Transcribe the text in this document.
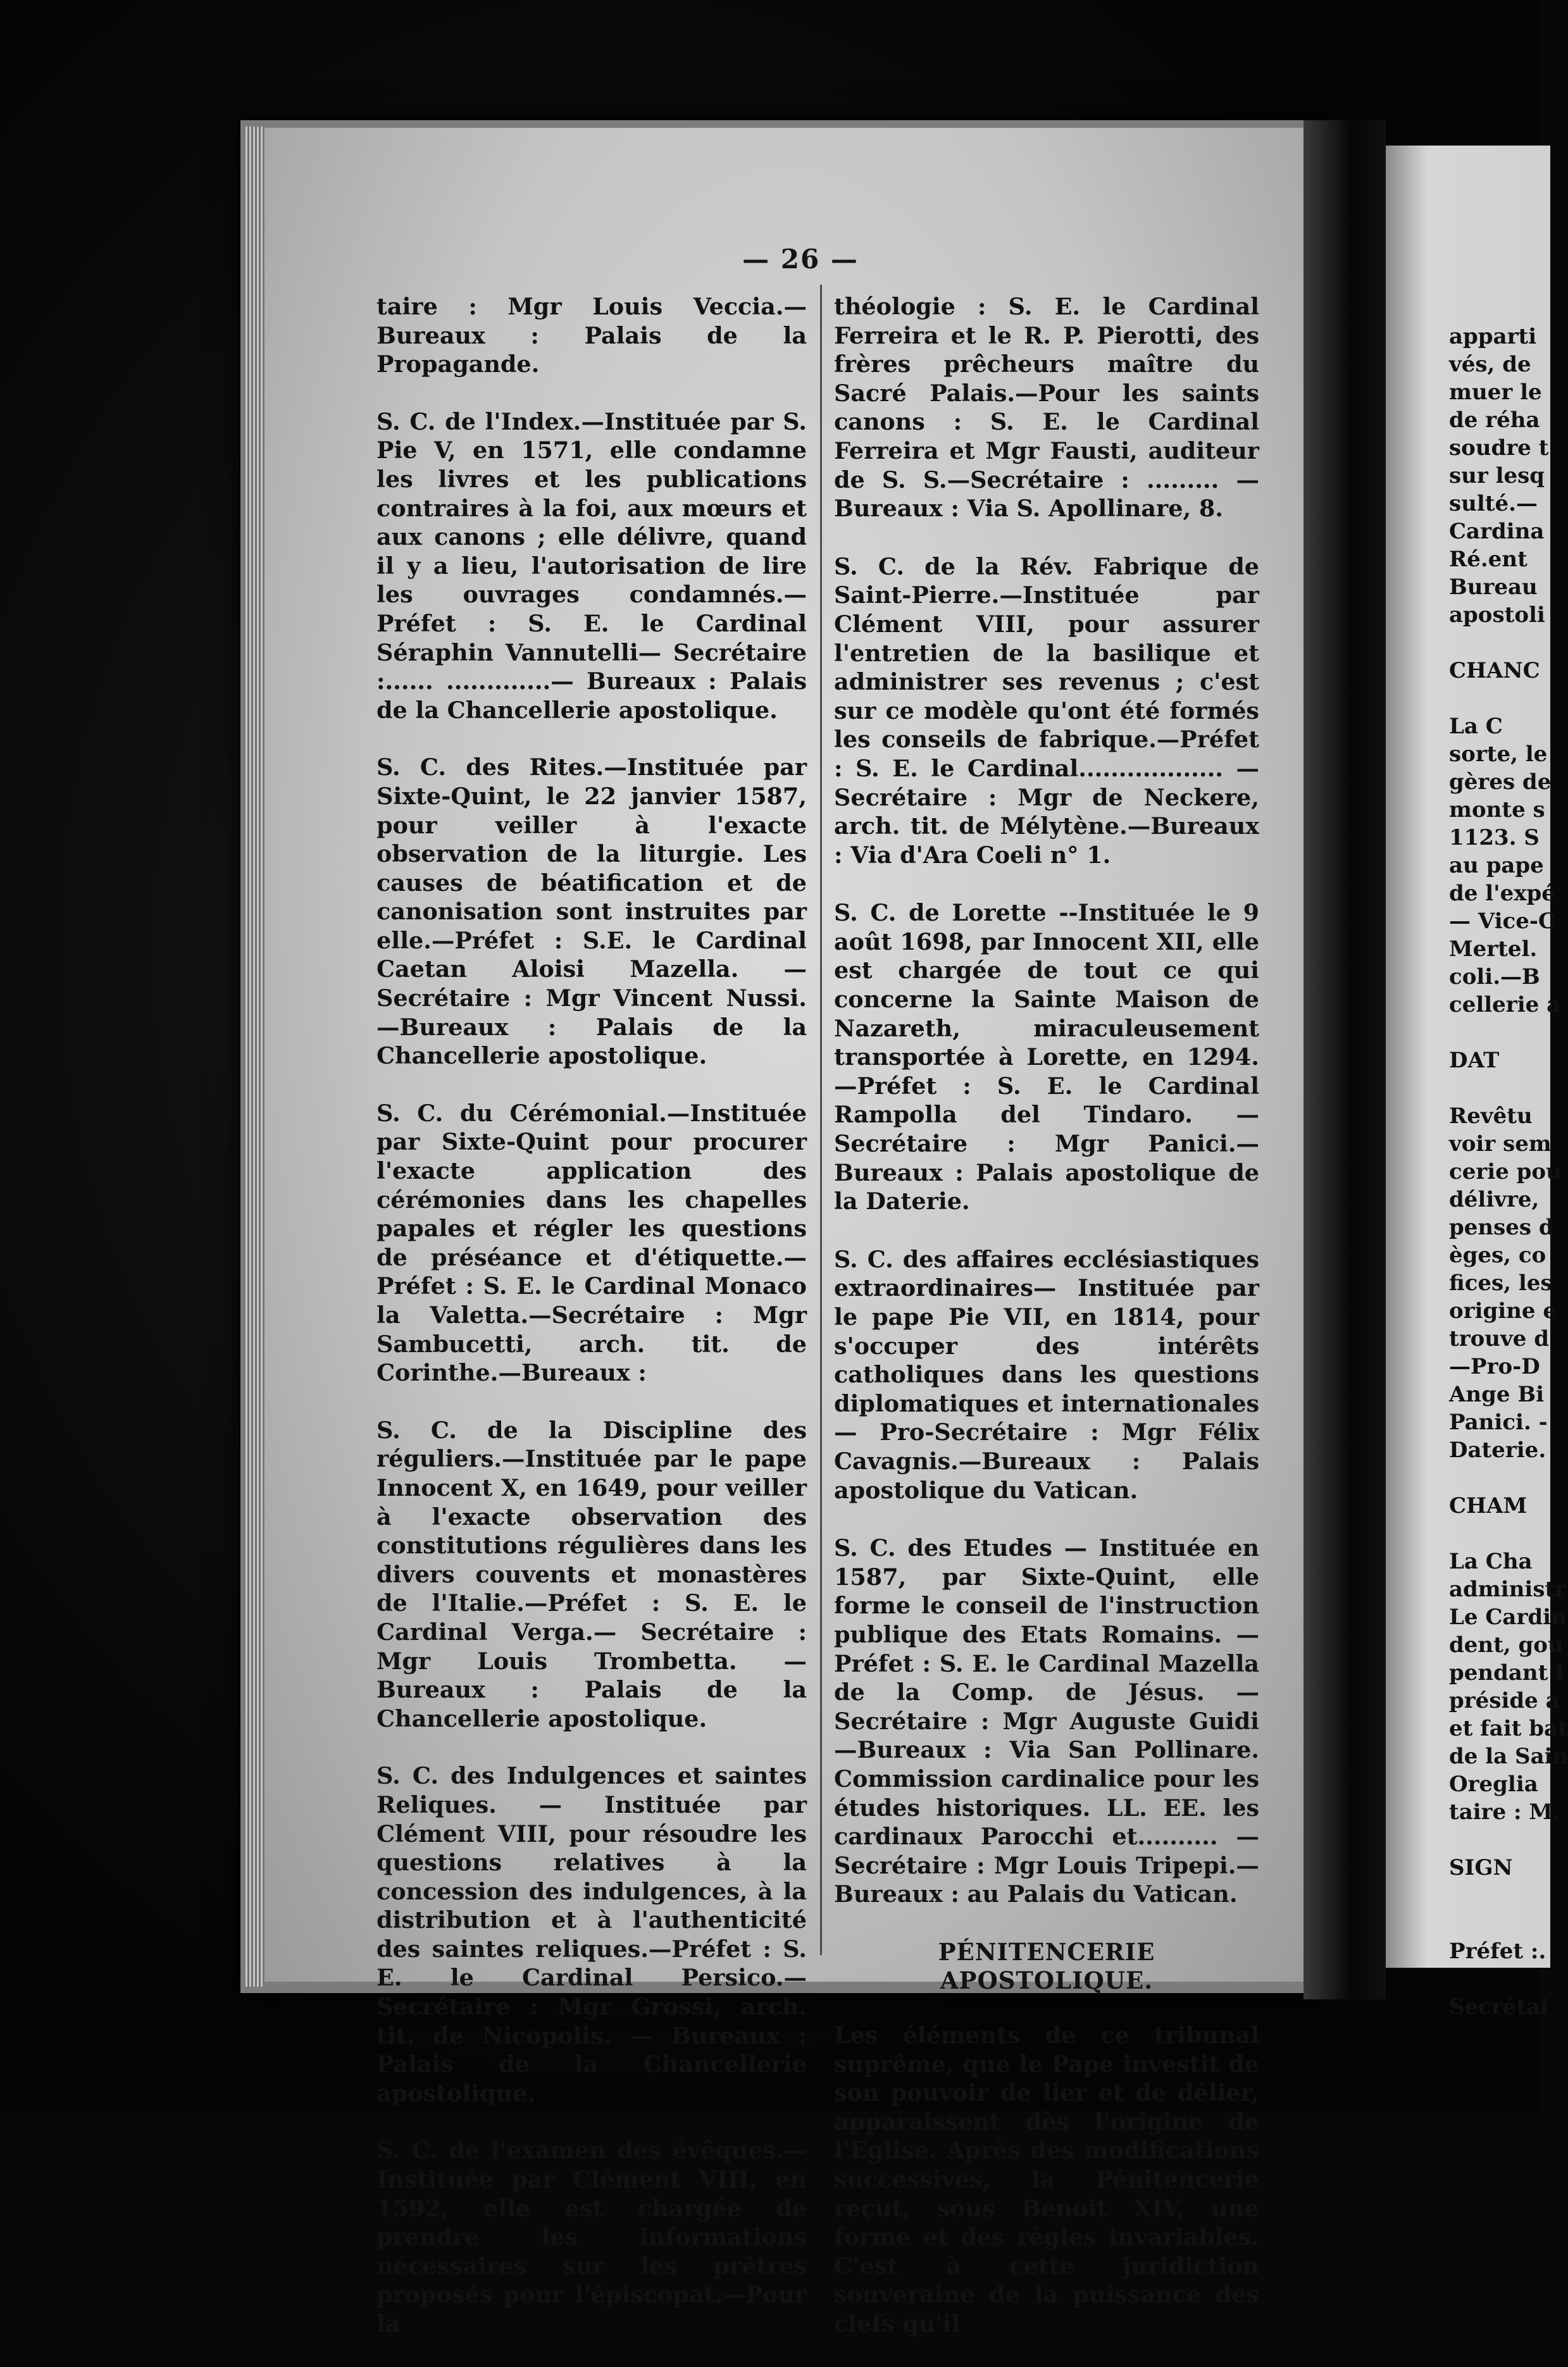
— 26 —

taire : Mgr Louis Veccia.— Bureaux : Palais de la Propagande.

S. C. de l'Index.—Instituée par S. Pie V, en 1571, elle condamne les livres et les publications contraires à la foi, aux mœurs et aux canons ; elle délivre, quand il y a lieu, l'autorisation de lire les ouvrages condamnés.— Préfet : S. E. le Cardinal Séraphin Vannutelli— Secrétaire :...... .............— Bureaux : Palais de la Chancellerie apostolique.

S. C. des Rites.—Instituée par Sixte-Quint, le 22 janvier 1587, pour veiller à l'exacte observation de la liturgie. Les causes de béatification et de canonisation sont instruites par elle.—Préfet : S.E. le Cardinal Caetan Aloisi Mazella. — Secrétaire : Mgr Vincent Nussi.—Bureaux : Palais de la Chancellerie apostolique.

S. C. du Cérémonial.—Instituée par Sixte-Quint pour procurer l'exacte application des cérémonies dans les chapelles papales et régler les questions de préséance et d'étiquette.—Préfet : S. E. le Cardinal Monaco la Valetta.—Secrétaire : Mgr Sambucetti, arch. tit. de Corinthe.—Bureaux :

S. C. de la Discipline des réguliers.—Instituée par le pape Innocent X, en 1649, pour veiller à l'exacte observation des constitutions régulières dans les divers couvents et monastères de l'Italie.—Préfet : S. E. le Cardinal Verga.— Secrétaire : Mgr Louis Trombetta. — Bureaux : Palais de la Chancellerie apostolique.

S. C. des Indulgences et saintes Reliques. — Instituée par Clément VIII, pour résoudre les questions relatives à la concession des indulgences, à la distribution et à l'authenticité des saintes reliques.—Préfet : S. E. le Cardinal Persico.— Secrétaire : Mgr Grossi, arch. tit. de Nicopolis. — Bureaux : Palais de la Chancellerie apostolique.

S. C. de l'examen des évêques.— Instituée par Clément VIII, en 1592, elle est chargée de prendre les informations nécessaires sur les prêtres proposés pour l'épiscopat.—Pour la

théologie : S. E. le Cardinal Ferreira et le R. P. Pierotti, des frères prêcheurs maître du Sacré Palais.—Pour les saints canons : S. E. le Cardinal Ferreira et Mgr Fausti, auditeur de S. S.—Secrétaire : ......... — Bureaux : Via S. Apollinare, 8.

S. C. de la Rév. Fabrique de Saint-Pierre.—Instituée par Clément VIII, pour assurer l'entretien de la basilique et administrer ses revenus ; c'est sur ce modèle qu'ont été formés les conseils de fabrique.—Préfet : S. E. le Cardinal.................. — Secrétaire : Mgr de Neckere, arch. tit. de Mélytène.—Bureaux : Via d'Ara Coeli n° 1.

S. C. de Lorette --Instituée le 9 août 1698, par Innocent XII, elle est chargée de tout ce qui concerne la Sainte Maison de Nazareth, miraculeusement transportée à Lorette, en 1294.—Préfet : S. E. le Cardinal Rampolla del Tindaro. — Secrétaire : Mgr Panici.—Bureaux : Palais apostolique de la Daterie.

S. C. des affaires ecclésiastiques extraordinaires— Instituée par le pape Pie VII, en 1814, pour s'occuper des intérêts catholiques dans les questions diplomatiques et internationales— Pro-Secrétaire : Mgr Félix Cavagnis.—Bureaux : Palais apostolique du Vatican.

S. C. des Etudes — Instituée en 1587, par Sixte-Quint, elle forme le conseil de l'instruction publique des Etats Romains. — Préfet : S. E. le Cardinal Mazella de la Comp. de Jésus. — Secrétaire : Mgr Auguste Guidi—Bureaux : Via San Pollinare. Commission cardinalice pour les études historiques. LL. EE. les cardinaux Parocchi et.......... — Secrétaire : Mgr Louis Tripepi.—Bureaux : au Palais du Vatican.

PÉNITENCERIE APOSTOLIQUE.

Les éléments de ce tribunal suprême, que le Pape investit de son pouvoir de lier et de délier, apparaissent dès l'origine de l'Eglise. Après des modifications successives, la Pénitencerie reçut, sous Benoit XIV, une forme et des règles invariables. C'est à cette juridiction souveraine de la puissance des clefs qu'il

apparti
vés, de
muer le
de réha
soudre t
sur lesq
sulté.—
Cardina
Ré.ent
Bureau
apostoli
CHANC
La C
sorte, le
gères de
monte s
1123. S
au pape
de l'expé
— Vice-C
Mertel.
coli.—B
cellerie a
DAT
Revêtu
voir sem
cerie pou
délivre,
penses d
èges, co
fices, les
origine e
trouve d
—Pro-D
Ange Bi
Panici. -
Daterie.
CHAM
La Cha
administr
Le Cardin
dent, gou
pendant l
préside a
et fait bat
de la Sain
Oreglia
taire : M.
SIGN
Préfet :.
Secrétai
